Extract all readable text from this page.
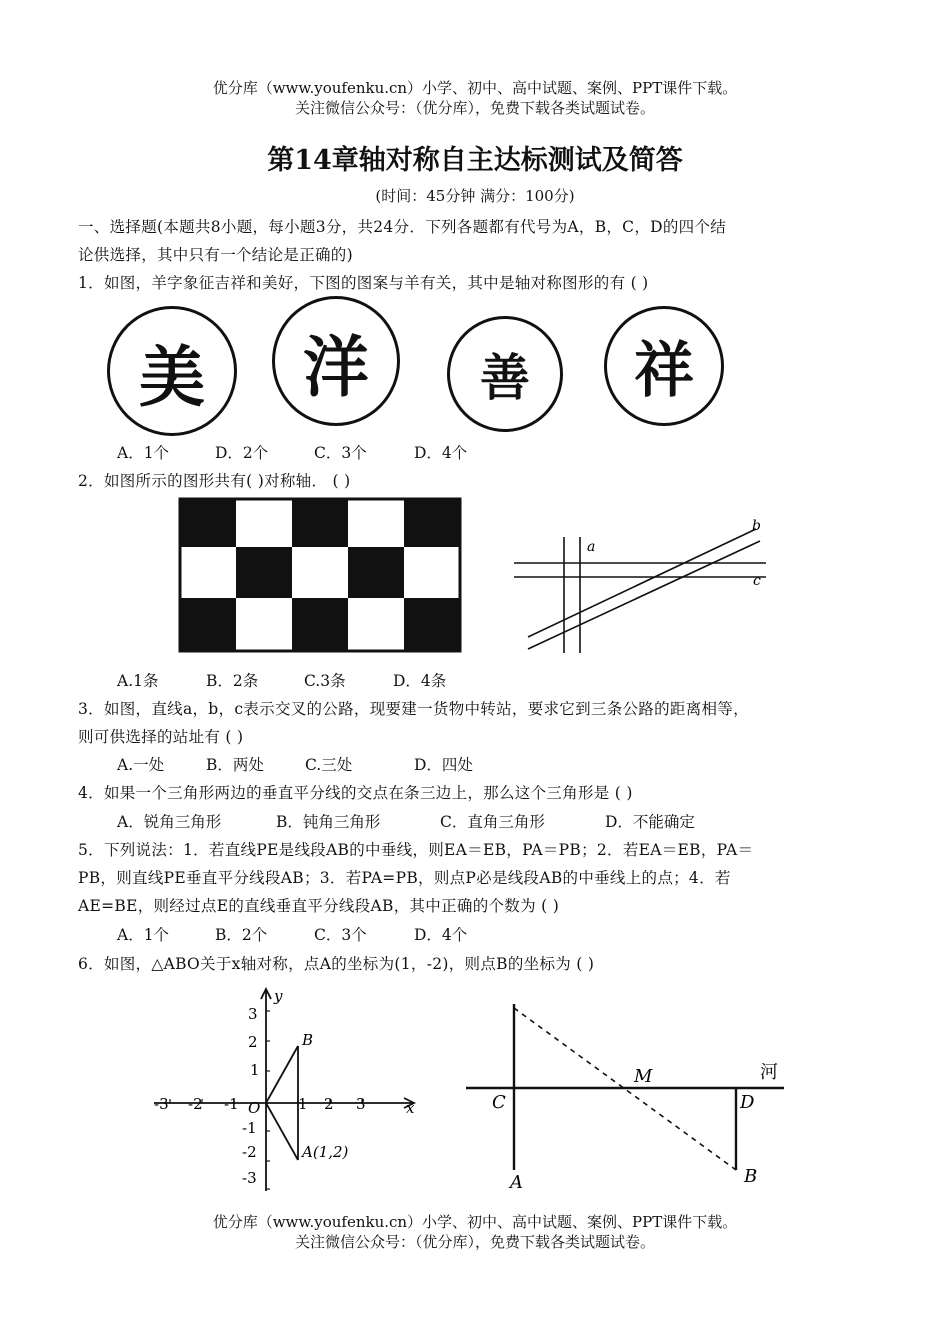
优分库（www.youfenku.cn）小学、初中、高中试题、案例、PPT课件下载。
关注微信公众号：（优分库），免费下载各类试题试卷。
第14章轴对称自主达标测试及简答
(时间：45分钟 满分：100分)
一、选择题(本题共8小题，每小题3分，共24分．下列各题都有代号为A，B，C，D的四个结
论供选择，其中只有一个结论是正确的)
1．如图，羊字象征吉祥和美好，下图的图案与羊有关，其中是轴对称图形的有 ( )
美 洋 善 祥
A．1个	D．2个	C．3个	D．4个
2．如图所示的图形共有( )对称轴． ( )
a
b
c
A.1条	B．2条	C.3条	D．4条
3．如图，直线a，b，c表示交叉的公路，现要建一货物中转站，要求它到三条公路的距离相等，
则可供选择的站址有 ( )
A.一处	B．两处	C.三处	D．四处
4．如果一个三角形两边的垂直平分线的交点在条三边上，那么这个三角形是 ( )
A．锐角三角形	B．钝角三角形	C．直角三角形	D．不能确定
5．下列说法：1．若直线PE是线段AB的中垂线，则EA＝EB，PA＝PB；2．若EA＝EB，PA＝
PB，则直线PE垂直平分线段AB；3．若PA=PB，则点P必是线段AB的中垂线上的点；4．若
AE=BE，则经过点E的直线垂直平分线段AB，其中正确的个数为 ( )
A．1个	B．2个	C．3个	D．4个
6．如图，△ABO关于x轴对称，点A的坐标为(1，-2)，则点B的坐标为 ( )
y
x
O
-3 -2 -1	1 2 3
3
2
1
-1
-2
-3
B
A(1,2)
C
M
D
A	B
河
优分库（www.youfenku.cn）小学、初中、高中试题、案例、PPT课件下载。
关注微信公众号：（优分库），免费下载各类试题试卷。
